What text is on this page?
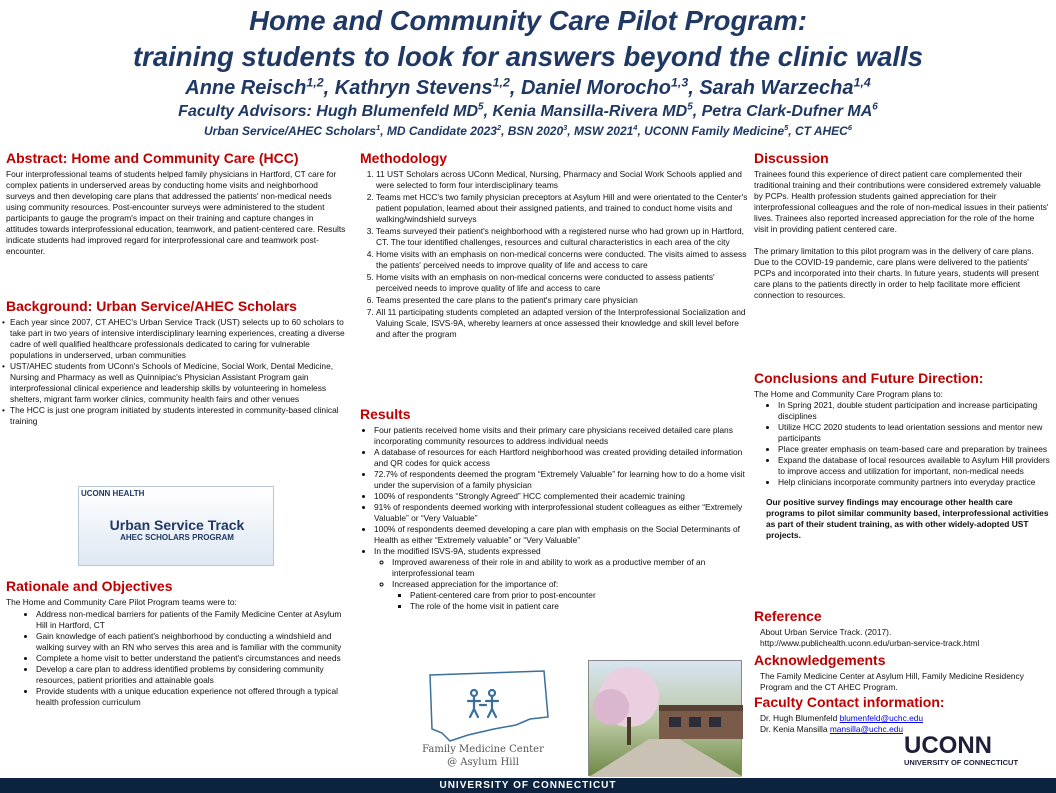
Home and Community Care Pilot Program:
training students to look for answers beyond the clinic walls
Anne Reisch$^{1,2}$, Kathryn Stevens$^{1,2}$, Daniel Morocho$^{1,3}$, Sarah Warzecha$^{1,4}$
Faculty Advisors: Hugh Blumenfeld $MD^5$, Kenia Mansilla-Rivera $MD^5$, Petra Clark-Dufner $MA^6$
Urban Service/AHEC Scholars$^1$, MD Candidate 2023$^2$, BSN 2020$^3$, MSW 2021$^4$, UCONN Family Medicine$^5$, CT AHEC$^6$
Abstract: Home and Community Care (HCC)

Four interprofessional teams of students helped family physicians in Hartford, CT care for complex patients in underserved areas by conducting home visits and neighborhood surveys and then developing care plans that addressed the patients' non-medical needs using community resources. Post-encounter surveys were administered to the student participants to gauge the program's impact on their training and capture changes in attitudes towards interprofessional education, teamwork, and patient-centered care. Results indicate students had improved regard for interprofessional care and teamwork post-encounter.

Background: Urban Service/AHEC Scholars
• Each year since 2007, CT AHEC's Urban Service Track (UST) selects up to 60 scholars to take part in two years of intensive interdisciplinary learning experiences, creating a diverse cadre of well qualified healthcare professionals dedicated to caring for vulnerable populations in underserved, urban communities
• UST/AHEC students from UConn's Schools of Medicine, Social Work, Dental Medicine, Nursing and Pharmacy as well as Quinnipiac's Physician Assistant Program gain interprofessional clinical experience and leadership skills by volunteering in homeless shelters, migrant farm worker clinics, community health fairs and other venues
• The HCC is just one program initiated by students interested in community-based clinical training
Rationale and Objectives

The Home and Community Care Pilot Program teams were to:

• Address non-medical barriers for patients of the Family Medicine Center at Asylum Hill in Hartford, CT
• Gain knowledge of each patient's neighborhood by conducting a windshield and walking survey with an RN who serves this area and is familiar with the community
• Complete a home visit to better understand the patient's circumstances and needs
• Develop a care plan to address identified problems by considering community resources, patient priorities and attainable goals
• Provide students with a unique education experience not offered through a typical health profession curriculum
UCONN HEALTH
Urban Service Track
AHEC SCHOLARS PROGRAM
Methodology
1. 11 UST Scholars across UConn Medical, Nursing, Pharmacy and Social Work Schools applied and were selected to form four interdisciplinary teams
2. Teams met HCC's two family physician preceptors at Asylum Hill and were orientated to the Center's patient population, learned about their assigned patients, and trained to conduct home visits and walking/windshield surveys
3. Teams surveyed their patient's neighborhood with a registered nurse who had grown up in Hartford, CT. The tour identified challenges, resources and cultural characteristics in each area of the city
4. Home visits with an emphasis on non-medical concerns were conducted. The visits aimed to assess the patients' perceived needs to improve quality of life and access to care
5. Home visits with an emphasis on non-medical concerns were conducted to assess patients' perceived needs to improve quality of life and access to care
6. Teams presented the care plans to the patient's primary care physician
7. All 11 participating students completed an adapted version of the Interprofessional Socialization and Valuing Scale, ISVS-9A, whereby learners at once assessed their knowledge and skill level before and after the program
Results
• Four patients received home visits and their primary care physicians received detailed care plans incorporating community resources to address individual needs
• A database of resources for each Hartford neighborhood was created providing detailed information and QR codes for quick access
• 72.7% of respondents deemed the program “Extremely Valuable” for learning how to do a home visit under the supervision of a family physician
• 100% of respondents “Strongly Agreed” HCC complemented their academic training
• 91% of respondents deemed working with interprofessional student colleagues as either “Extremely Valuable” or “Very Valuable”
• 100% of respondents deemed developing a care plan with emphasis on the Social Determinants of Health as either “Extremely valuable” or “Very Valuable”
• In the modified ISVS-9A, students expressed
◦ Improved awareness of their role in and ability to work as a productive member of an interprofessional team
◦ Increased appreciation for the importance of:
▪ Patient-centered care from prior to post-encounter
▪ The role of the home visit in patient care
Family Medicine Center
@ Asylum Hill
Discussion

Trainees found this experience of direct patient care complemented their traditional training and their contributions were considered extremely valuable by PCPs. Health profession students gained appreciation for their interprofessional colleagues and the role of non-medical issues in their patients' lives. Trainees also reported increased appreciation for the role of the home visit in providing patient centered care.

The primary limitation to this pilot program was in the delivery of care plans. Due to the COVID-19 pandemic, care plans were delivered to the patients' PCPs and incorporated into their charts. In future years, students will present care plans to the patients directly in order to help facilitate more efficient connection to resources.

Conclusions and Future Direction:

The Home and Community Care Program plans to:

• In Spring 2021, double student participation and increase participating disciplines
• Utilize HCC 2020 students to lead orientation sessions and mentor new participants
• Place greater emphasis on team-based care and preparation by trainees
• Expand the database of local resources available to Asylum Hill providers to improve access and utilization for important, non-medical needs
• Help clinicians incorporate community partners into everyday practice

Our positive survey findings may encourage other health care programs to pilot similar community based, interprofessional activities as part of their student training, as with other widely-adopted UST projects.

Reference

About Urban Service Track. (2017).

http://www.publichealth.uconn.edu/urban-service-track.html

Acknowledgements

The Family Medicine Center at Asylum Hill, Family Medicine Residency Program and the CT AHEC Program.

Faculty Contact information:

Dr. Hugh Blumenfeld blumenfeld@uchc.edu

Dr. Kenia Mansilla mansilla@uchc.edu

UCONN
UNIVERSITY OF CONNECTICUT
UNIVERSITY OF CONNECTICUT
